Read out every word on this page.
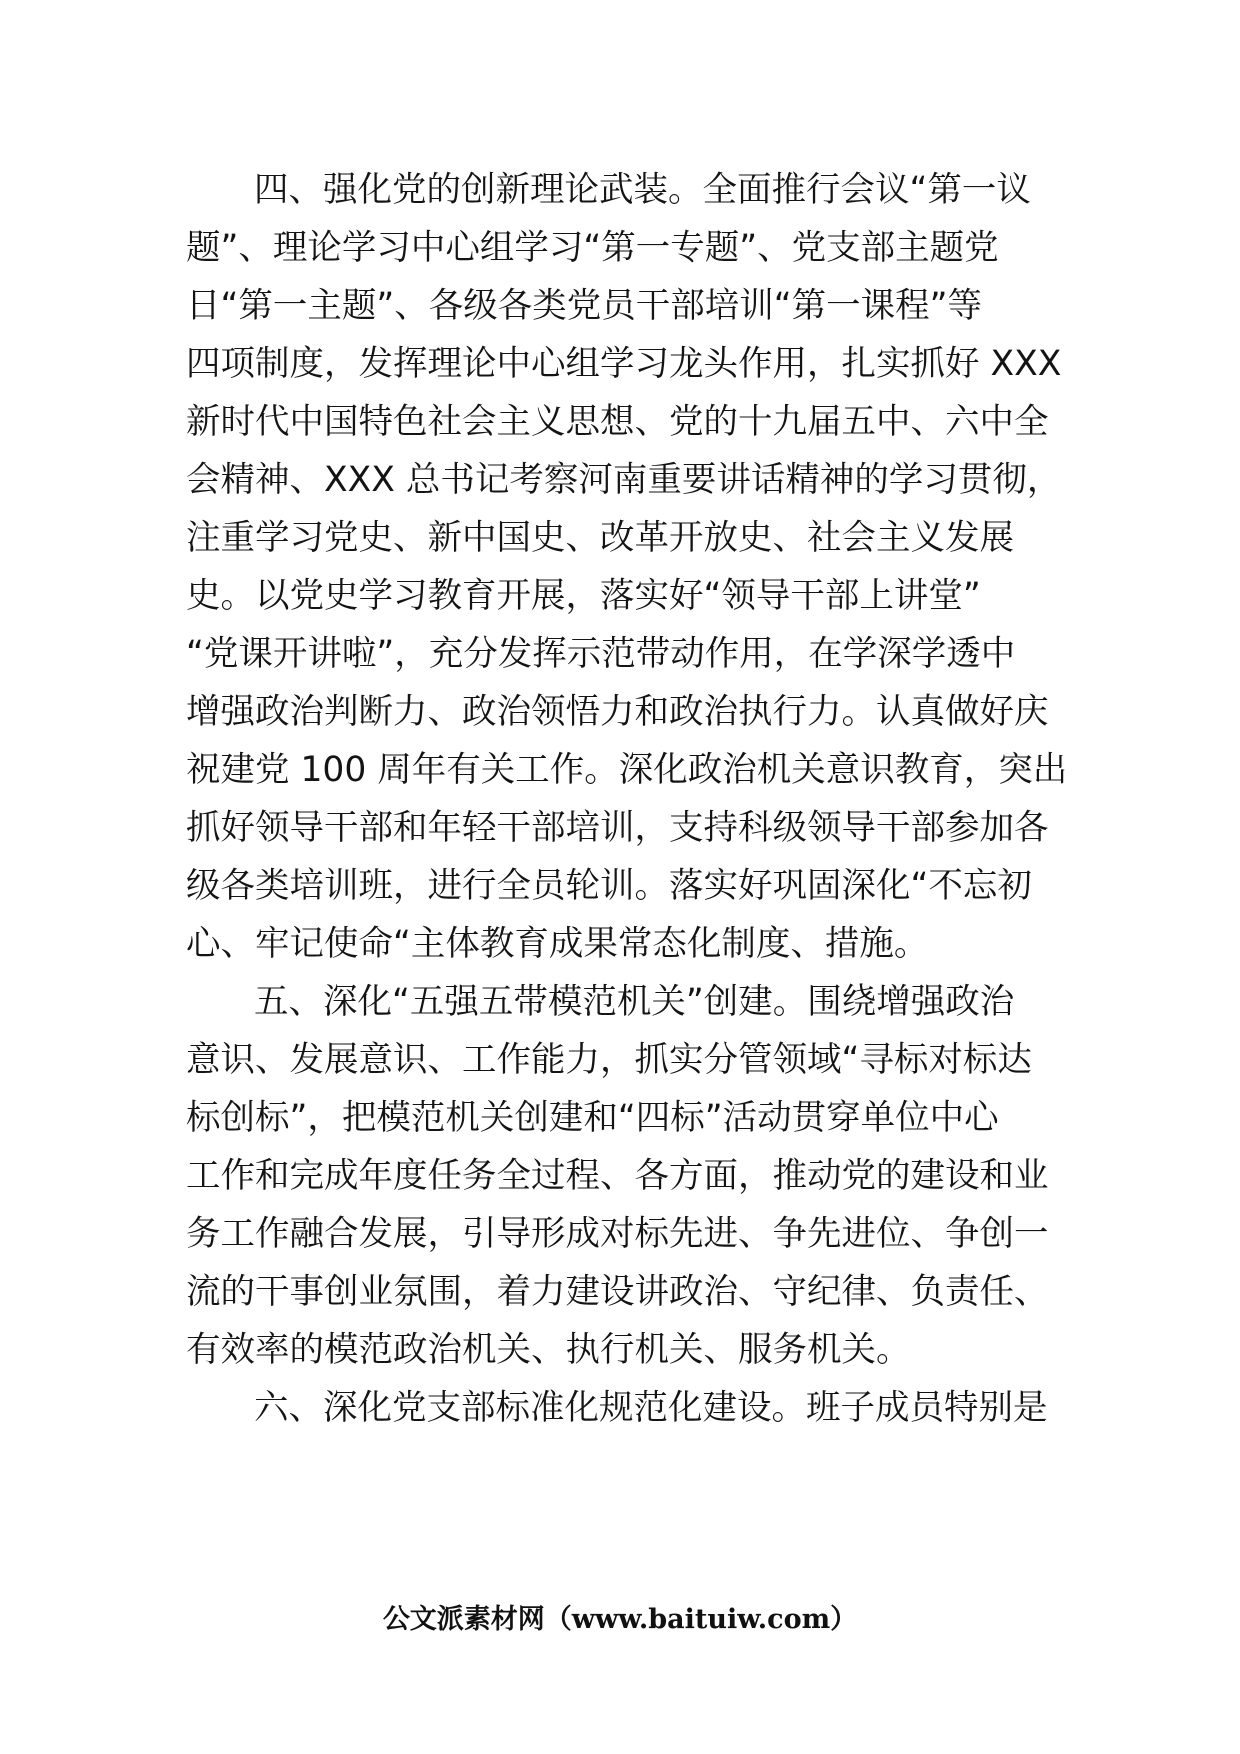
四、强化党的创新理论武装。全面推行会议“第一议
题”、理论学习中心组学习“第一专题”、党支部主题党
日“第一主题”、各级各类党员干部培训“第一课程”等
四项制度，发挥理论中心组学习龙头作用，扎实抓好 XXX
新时代中国特色社会主义思想、党的十九届五中、六中全
会精神、XXX 总书记考察河南重要讲话精神的学习贯彻，
注重学习党史、新中国史、改革开放史、社会主义发展
史。以党史学习教育开展，落实好“领导干部上讲堂”
“党课开讲啦”，充分发挥示范带动作用，在学深学透中
增强政治判断力、政治领悟力和政治执行力。认真做好庆
祝建党 100 周年有关工作。深化政治机关意识教育，突出
抓好领导干部和年轻干部培训，支持科级领导干部参加各
级各类培训班，进行全员轮训。落实好巩固深化“不忘初
心、牢记使命“主体教育成果常态化制度、措施。
五、深化“五强五带模范机关”创建。围绕增强政治
意识、发展意识、工作能力，抓实分管领域“寻标对标达
标创标”，把模范机关创建和“四标”活动贯穿单位中心
工作和完成年度任务全过程、各方面，推动党的建设和业
务工作融合发展，引导形成对标先进、争先进位、争创一
流的干事创业氛围，着力建设讲政治、守纪律、负责任、
有效率的模范政治机关、执行机关、服务机关。
六、深化党支部标准化规范化建设。班子成员特别是
公文派素材网（www.baituiw.com）
